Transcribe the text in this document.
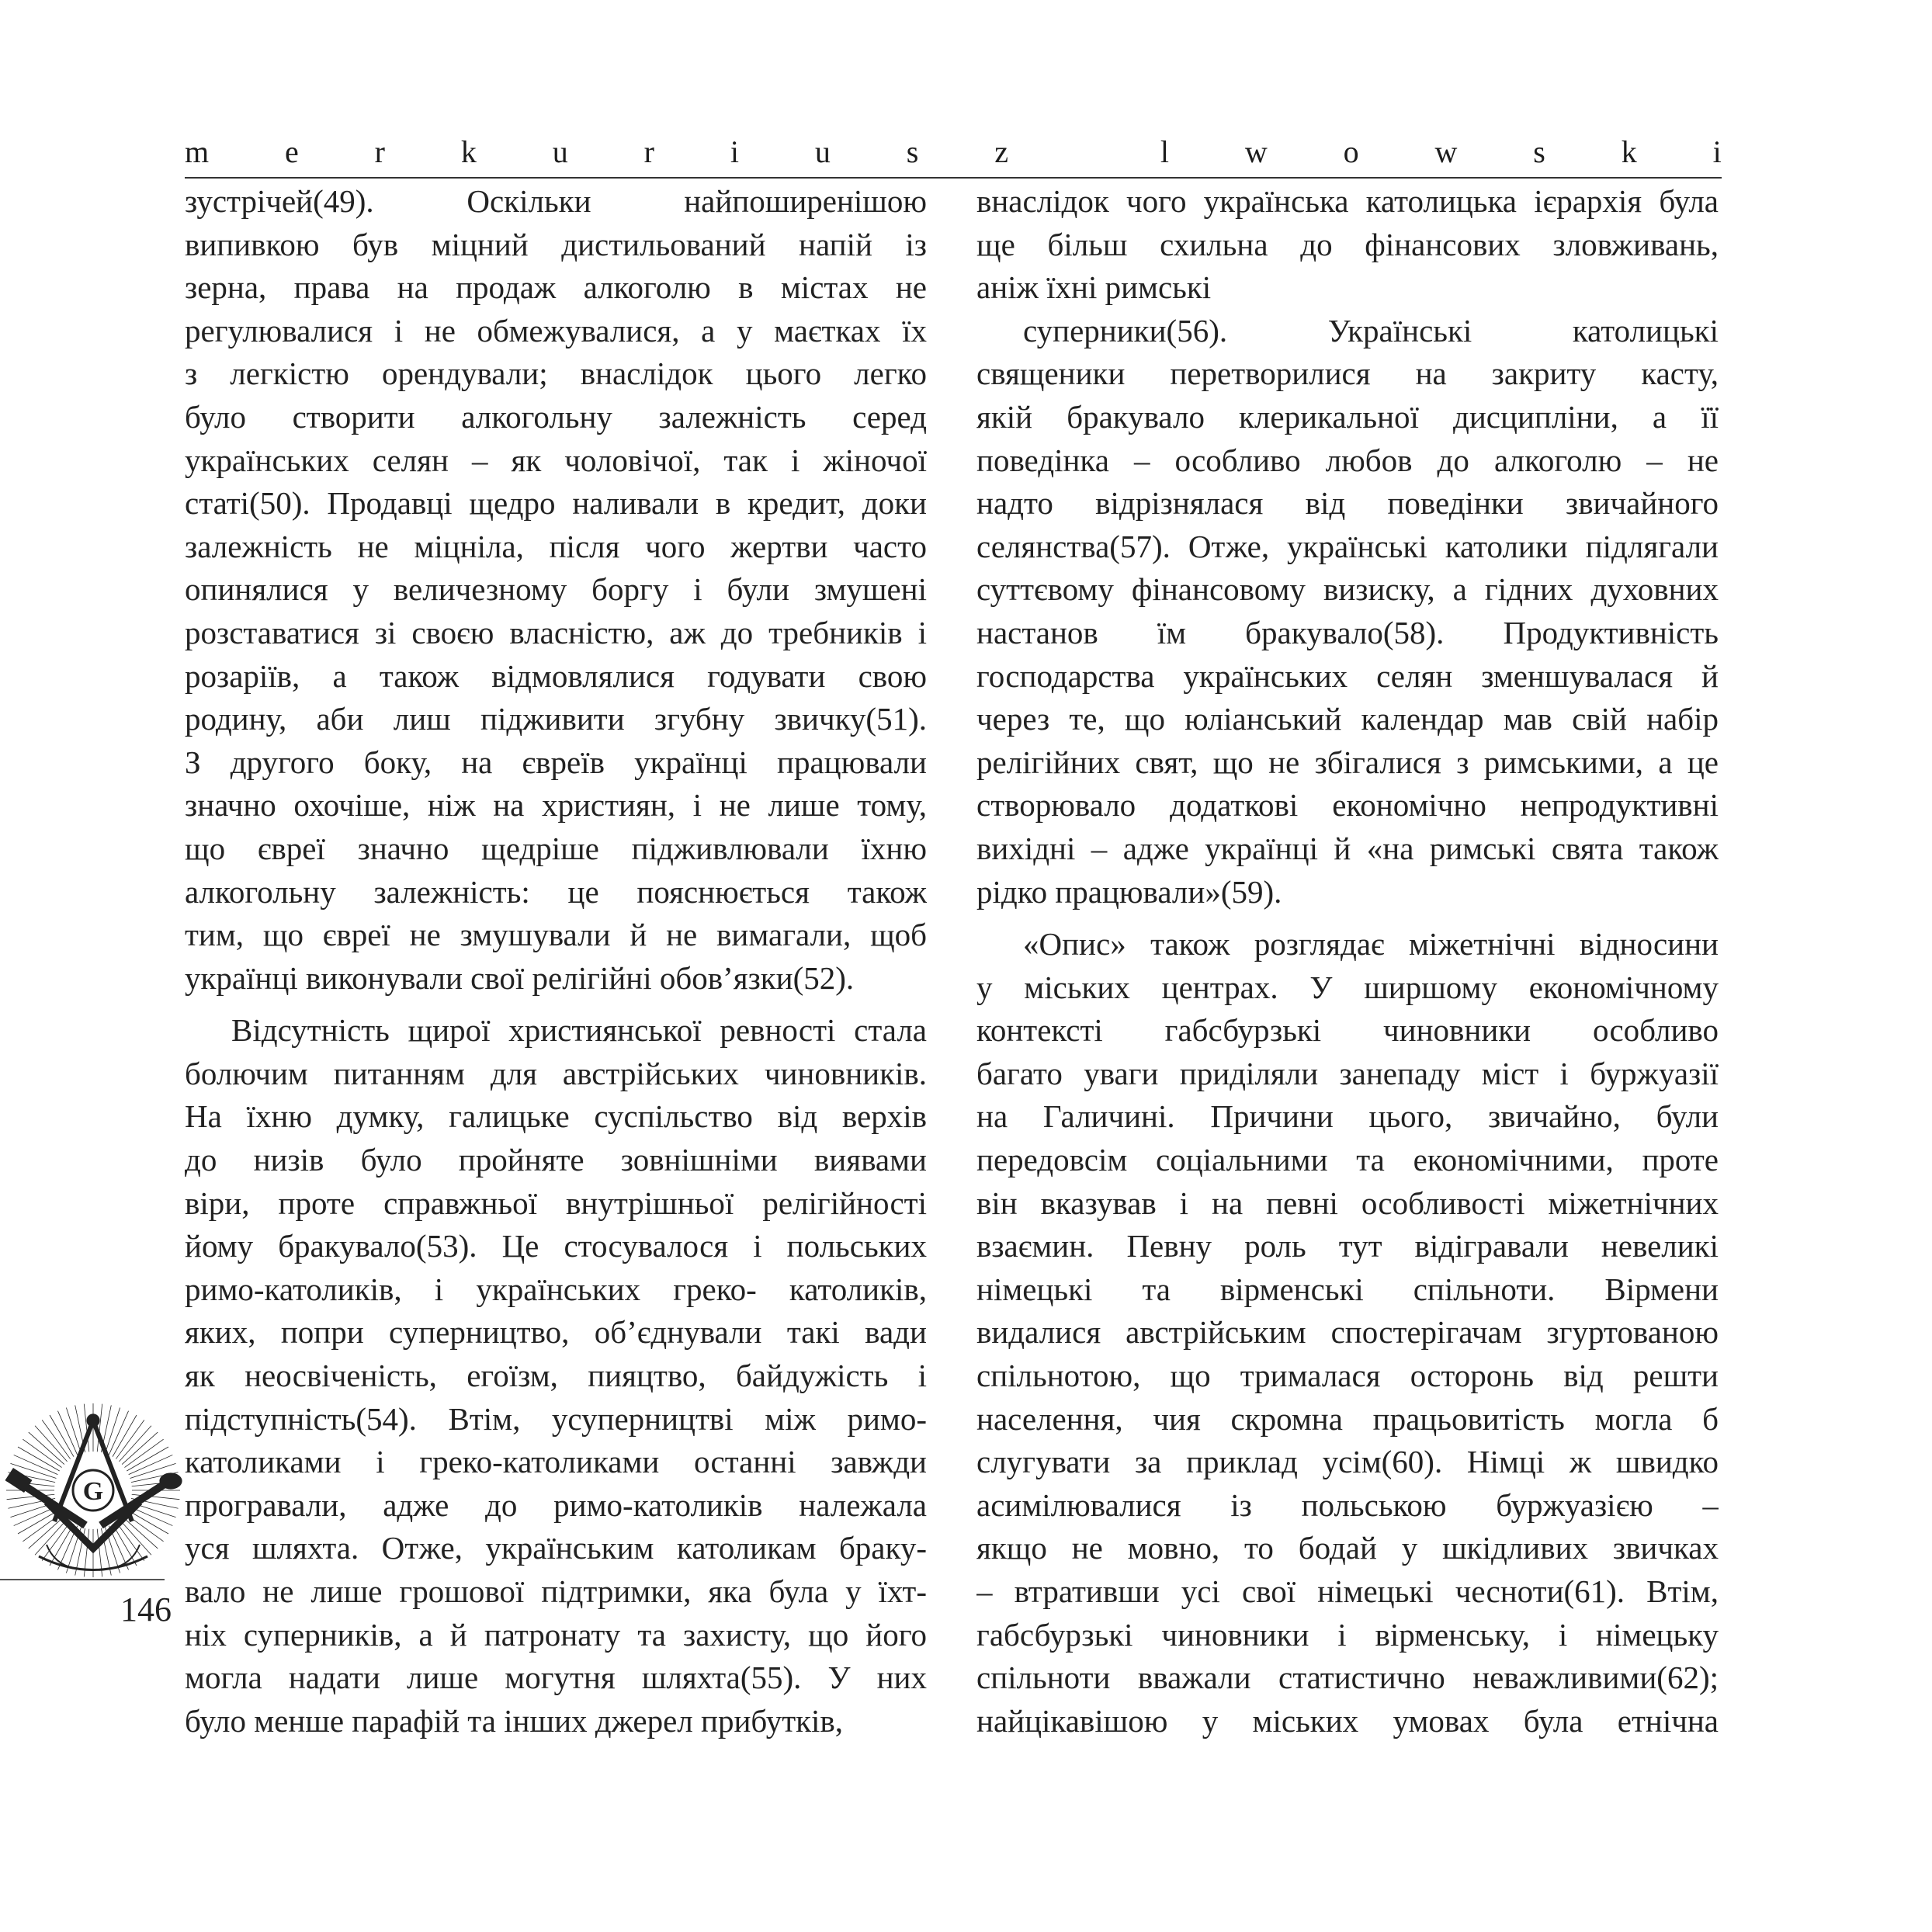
m e r k u r i u s z	l w o w s k i
зустрічей(49). Оскільки найпоширенішою
випивкою був міцний дистильований напій із
зерна, права на продаж алкоголю в містах не
регулювалися і не обмежувалися, а у маєтках їх
з легкістю орендували; внаслідок цього легко
було створити алкогольну залежність серед
українських селян – як чоловічої, так і жіночої
статі(50). Продавці щедро наливали в кредит, доки
залежність не міцніла, після чого жертви часто
опинялися у величезному боргу і були змушені
розставатися зі своєю власністю, аж до требників і
розаріїв, а також відмовлялися годувати свою
родину, аби лиш підживити згубну звичку(51).
З другого боку, на євреїв українці працювали
значно охочіше, ніж на християн, і не лише тому,
що євреї значно щедріше підживлювали їхню
алкогольну залежність: це пояснюється також
тим, що євреї не змушували й не вимагали, щоб
українці виконували свої релігійні обов’язки(52).
Відсутність щирої християнської ревності стала
болючим питанням для австрійських чиновників.
На їхню думку, галицьке суспільство від верхів
до низів було пройняте зовнішніми виявами
віри, проте справжньої внутрішньої релігійності
йому бракувало(53). Це стосувалося і польських
римо-католиків, і українських греко- католиків,
яких, попри суперництво, об’єднували такі вади
як неосвіченість, егоїзм, пияцтво, байдужість і
підступність(54). Втім, усуперництві між римо-
католиками і греко-католиками останні завжди
програвали, адже до римо-католиків належала
уся шляхта. Отже, українським католикам браку-
вало не лише грошової підтримки, яка була у їхт-
ніх суперників, а й патронату та захисту, що його
могла надати лише могутня шляхта(55). У них
було менше парафій та інших джерел прибутків,
внаслідок чого українська католицька ієрархія була
ще більш схильна до фінансових зловживань,
аніж їхні римські
суперники(56). Українські католицькі
священики перетворилися на закриту касту,
якій бракувало клерикальної дисципліни, а її
поведінка – особливо любов до алкоголю – не
надто відрізнялася від поведінки звичайного
селянства(57). Отже, українські католики підлягали
суттєвому фінансовому визиску, а гідних духовних
настанов їм бракувало(58). Продуктивність
господарства українських селян зменшувалася й
через те, що юліанський календар мав свій набір
релігійних свят, що не збігалися з римськими, а це
створювало додаткові економічно непродуктивні
вихідні – адже українці й «на римські свята також
рідко працювали»(59).
«Опис» також розглядає міжетнічні відносини
у міських центрах. У ширшому економічному
контексті габсбурзькі чиновники особливо
багато уваги приділяли занепаду міст і буржуазії
на Галичині. Причини цього, звичайно, були
передовсім соціальними та економічними, проте
він вказував і на певні особливості міжетнічних
взаємин. Певну роль тут відігравали невеликі
німецькі та вірменські спільноти. Вірмени
видалися австрійським спостерігачам згуртованою
спільнотою, що трималася осторонь від решти
населення, чия скромна працьовитість могла б
слугувати за приклад усім(60). Німці ж швидко
асимілювалися із польською буржуазією –
якщо не мовно, то бодай у шкідливих звичках
– втративши усі свої німецькі чесноти(61). Втім,
габсбурзькі чиновники і вірменську, і німецьку
спільноти вважали статистично неважливими(62);
найцікавішою у міських умовах була етнічна
G
146
